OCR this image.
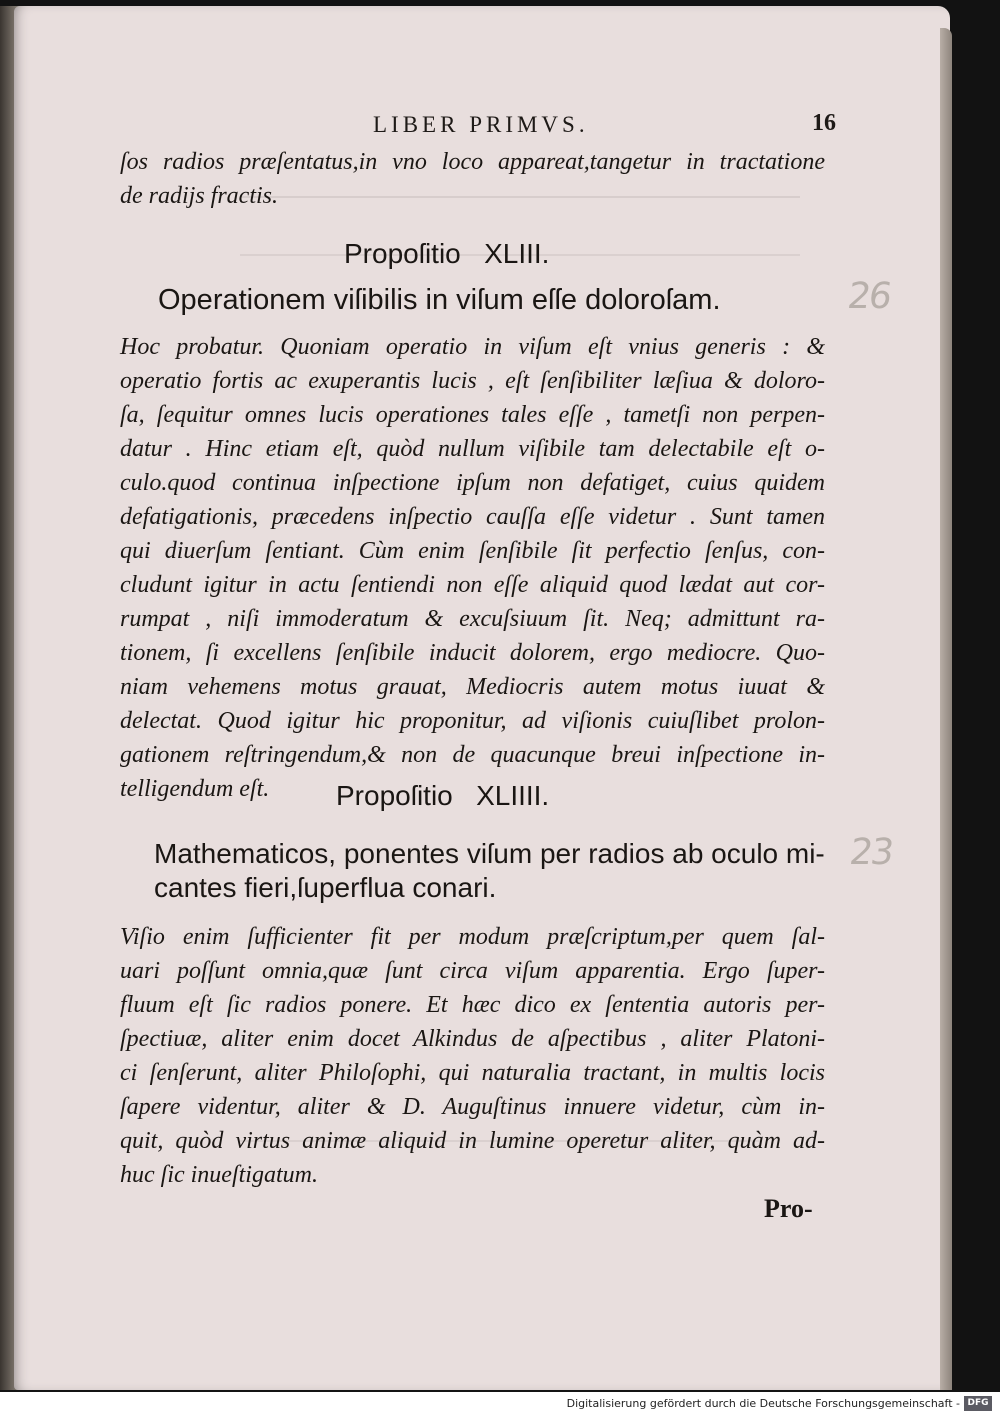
LIBER PRIMVS.	16
26
23
ſos radios præſentatus,in vno loco appareat,tangetur in tractatione
de radijs fractis.
Propoſitio   XLIII.
Operationem viſibilis in viſum eſſe doloroſam.
Hoc probatur. Quoniam operatio in viſum eſt vnius generis : &
operatio fortis ac exuperantis lucis , eſt ſenſibiliter læſiua & doloro-
ſa, ſequitur omnes lucis operationes tales eſſe , tametſi non perpen-
datur . Hinc etiam eſt, quòd nullum viſibile tam delectabile eſt o-
culo.quod continua inſpectione ipſum non defatiget, cuius quidem
defatigationis, præcedens inſpectio cauſſa eſſe videtur . Sunt tamen
qui diuerſum ſentiant. Cùm enim ſenſibile ſit perfectio ſenſus, con-
cludunt igitur in actu ſentiendi non eſſe aliquid quod lædat aut cor-
rumpat , niſi immoderatum & excuſsiuum ſit. Neq; admittunt ra-
tionem, ſi excellens ſenſibile inducit dolorem, ergo mediocre. Quo-
niam vehemens motus grauat, Mediocris autem motus iuuat &
delectat. Quod igitur hic proponitur, ad viſionis cuiuſlibet prolon-
gationem reſtringendum,& non de quacunque breui inſpectione in-
telligendum eſt.	Propoſitio   XLIIII.
Mathematicos, ponentes viſum per radios ab oculo mi-
cantes fieri,ſuperflua conari.
Viſio enim ſufficienter fit per modum præſcriptum,per quem ſal-
uari poſſunt omnia,quæ ſunt circa viſum apparentia. Ergo ſuper-
fluum eſt ſic radios ponere. Et hæc dico ex ſententia autoris per-
ſpectiuæ, aliter enim docet Alkindus de aſpectibus , aliter Platoni-
ci ſenſerunt, aliter Philoſophi, qui naturalia tractant, in multis locis
ſapere videntur, aliter & D. Auguſtinus innuere videtur, cùm in-
quit, quòd virtus animæ aliquid in lumine operetur aliter, quàm ad-
huc ſic inueſtigatum.
Pro-
Digitalisierung gefördert durch die Deutsche Forschungsgemeinschaft - DFG
